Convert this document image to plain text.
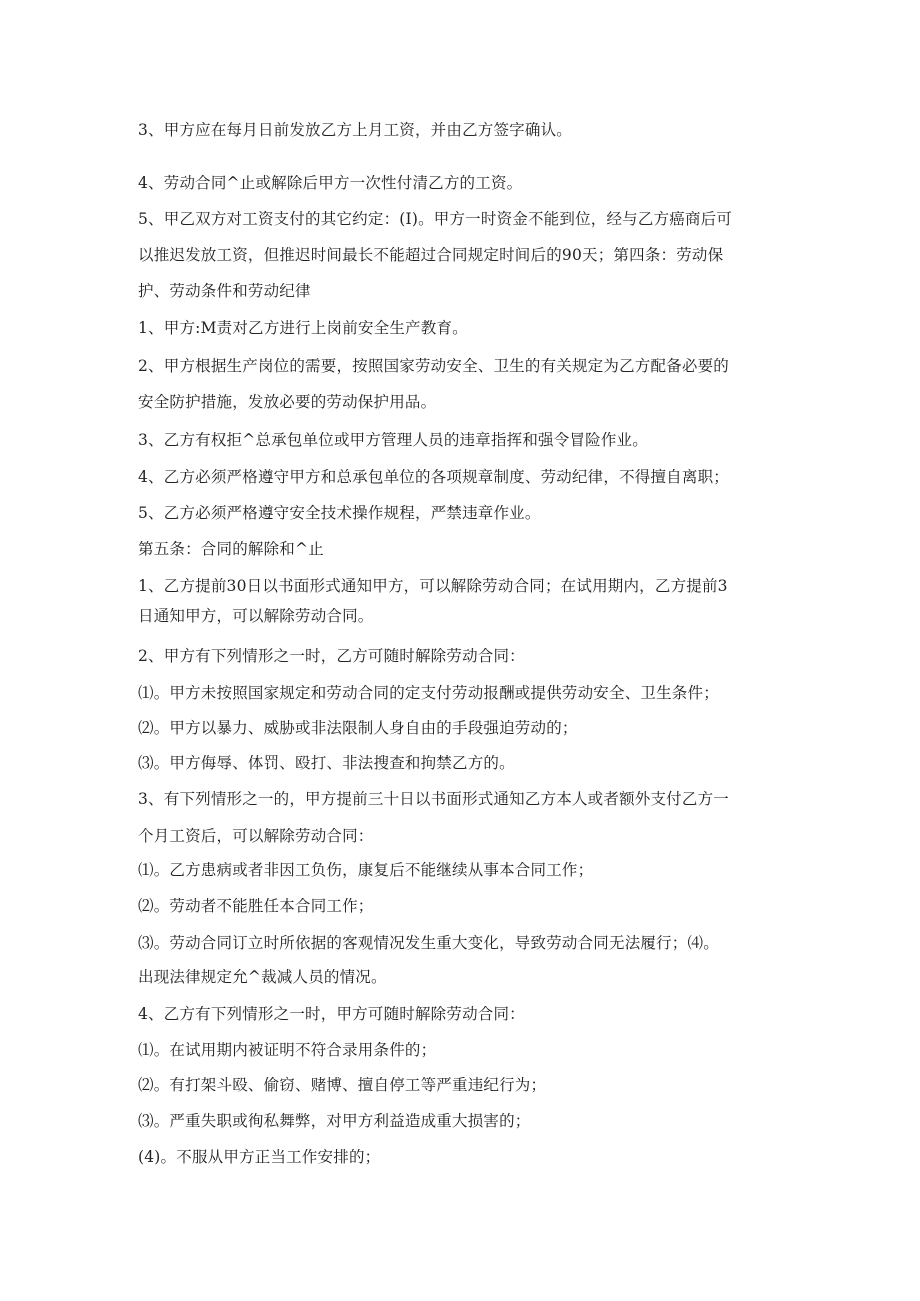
3、甲方应在每月日前发放乙方上月工资，并由乙方签字确认。
4、劳动合同^止或解除后甲方一次性付清乙方的工资。
5、甲乙双方对工资支付的其它约定：(I)。甲方一时资金不能到位，经与乙方癌商后可
以推迟发放工资，但推迟时间最长不能超过合同规定时间后的90天；第四条：劳动保
护、劳动条件和劳动纪律
1、甲方:M责对乙方进行上岗前安全生产教育。
2、甲方根据生产岗位的需要，按照国家劳动安全、卫生的有关规定为乙方配备必要的
安全防护措施，发放必要的劳动保护用品。
3、乙方有权拒^总承包单位或甲方管理人员的违章指挥和强令冒险作业。
4、乙方必须严格遵守甲方和总承包单位的各项规章制度、劳动纪律，不得擅自离职；
5、乙方必须严格遵守安全技术操作规程，严禁违章作业。
第五条：合同的解除和^止
1、乙方提前30日以书面形式通知甲方，可以解除劳动合同；在试用期内，乙方提前3
日通知甲方，可以解除劳动合同。
2、甲方有下列情形之一时，乙方可随时解除劳动合同：
⑴。甲方未按照国家规定和劳动合同的定支付劳动报酬或提供劳动安全、卫生条件；
⑵。甲方以暴力、威胁或非法限制人身自由的手段强迫劳动的；
⑶。甲方侮辱、体罚、殴打、非法搜查和拘禁乙方的。
3、有下列情形之一的，甲方提前三十日以书面形式通知乙方本人或者额外支付乙方一
个月工资后，可以解除劳动合同：
⑴。乙方患病或者非因工负伤，康复后不能继续从事本合同工作；
⑵。劳动者不能胜任本合同工作；
⑶。劳动合同订立时所依据的客观情况发生重大变化，导致劳动合同无法履行；⑷。
出现法律规定允^裁减人员的情况。
4、乙方有下列情形之一时，甲方可随时解除劳动合同：
⑴。在试用期内被证明不符合录用条件的；
⑵。有打架斗殴、偷窃、赌博、擅自停工等严重违纪行为；
⑶。严重失职或徇私舞弊，对甲方利益造成重大损害的；
(4)。不服从甲方正当工作安排的；
